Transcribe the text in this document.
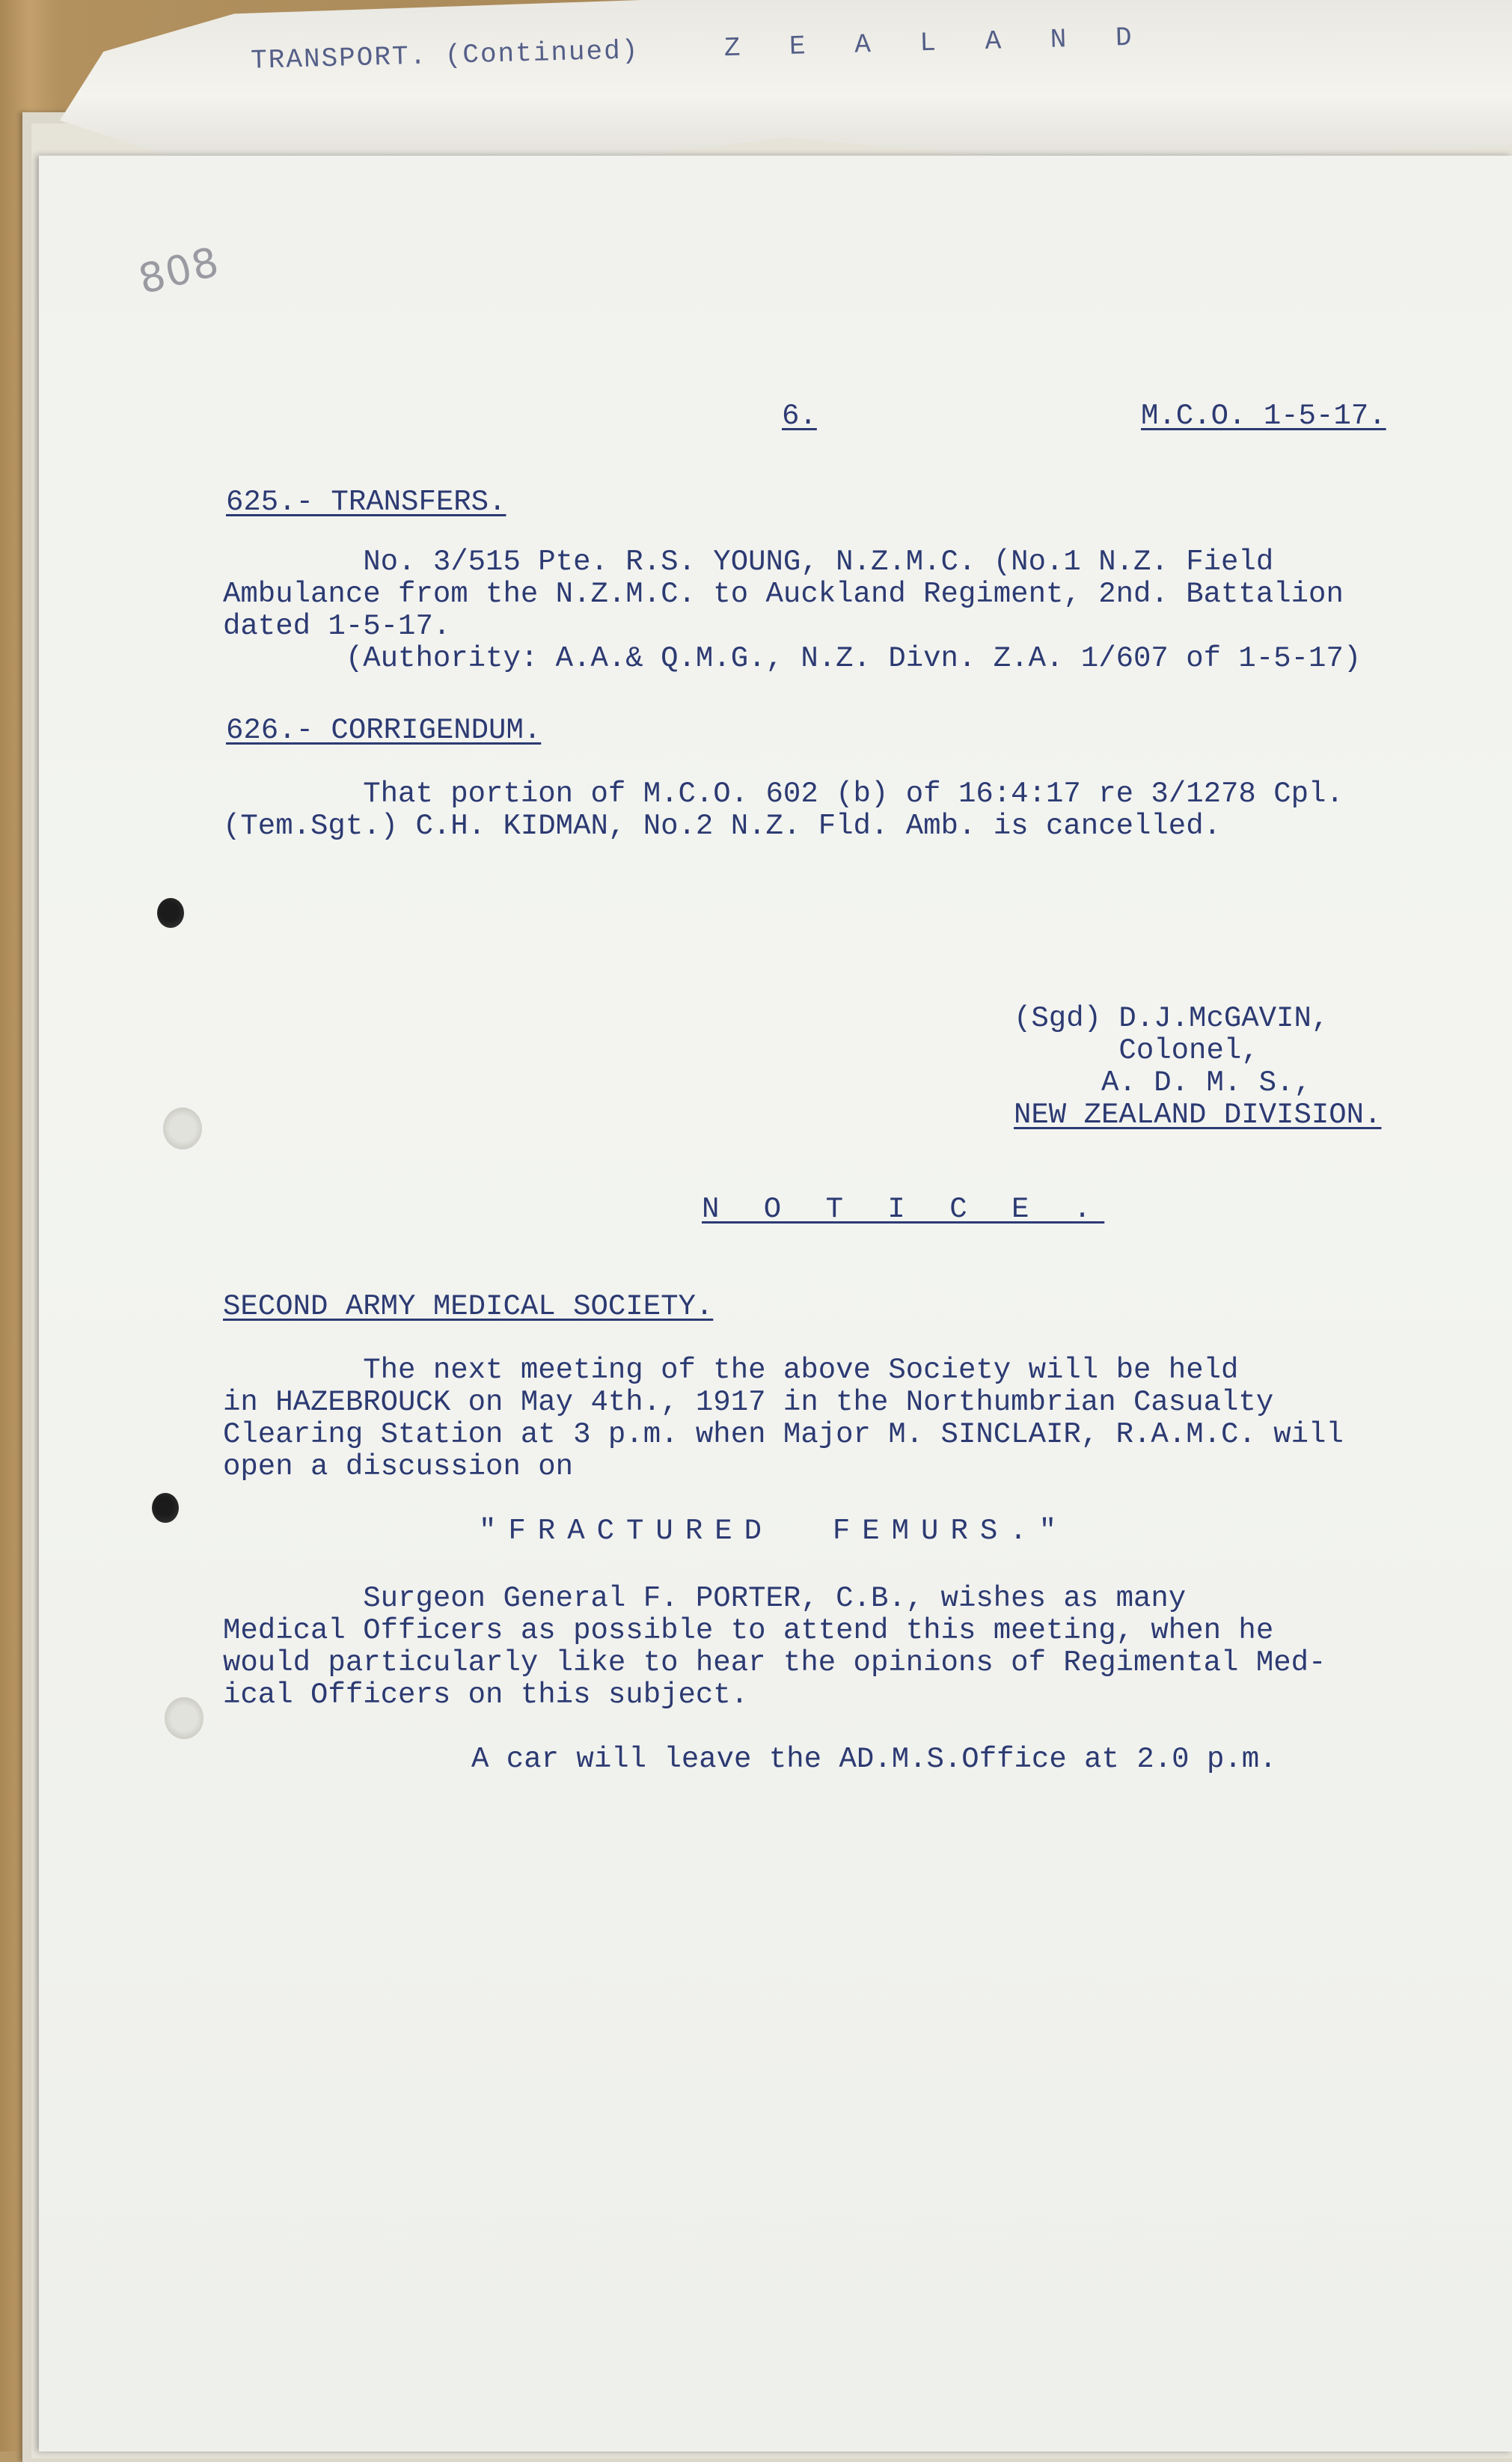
TRANSPORT. (Continued)	Z E A L A N D
808
6.	M.C.O. 1-5-17.
625.- TRANSFERS.
No. 3/515 Pte. R.S. YOUNG, N.Z.M.C. (No.1 N.Z. Field
Ambulance from the N.Z.M.C. to Auckland Regiment, 2nd. Battalion
dated 1-5-17.
(Authority: A.A.& Q.M.G., N.Z. Divn. Z.A. 1/607 of 1-5-17)
626.- CORRIGENDUM.
That portion of M.C.O. 602 (b) of 16:4:17 re 3/1278 Cpl.
(Tem.Sgt.) C.H. KIDMAN, No.2 N.Z. Fld. Amb. is cancelled.
(Sgd) D.J.McGAVIN,
Colonel,
A. D. M. S.,
NEW ZEALAND DIVISION.
N O T I C E .
SECOND ARMY MEDICAL SOCIETY.
The next meeting of the above Society will be held
in HAZEBROUCK on May 4th., 1917 in the Northumbrian Casualty
Clearing Station at 3 p.m. when Major M. SINCLAIR, R.A.M.C. will
open a discussion on
"FRACTURED  FEMURS."
Surgeon General F. PORTER, C.B., wishes as many
Medical Officers as possible to attend this meeting, when he
would particularly like to hear the opinions of Regimental Med-
ical Officers on this subject.
A car will leave the AD.M.S.Office at 2.0 p.m.
